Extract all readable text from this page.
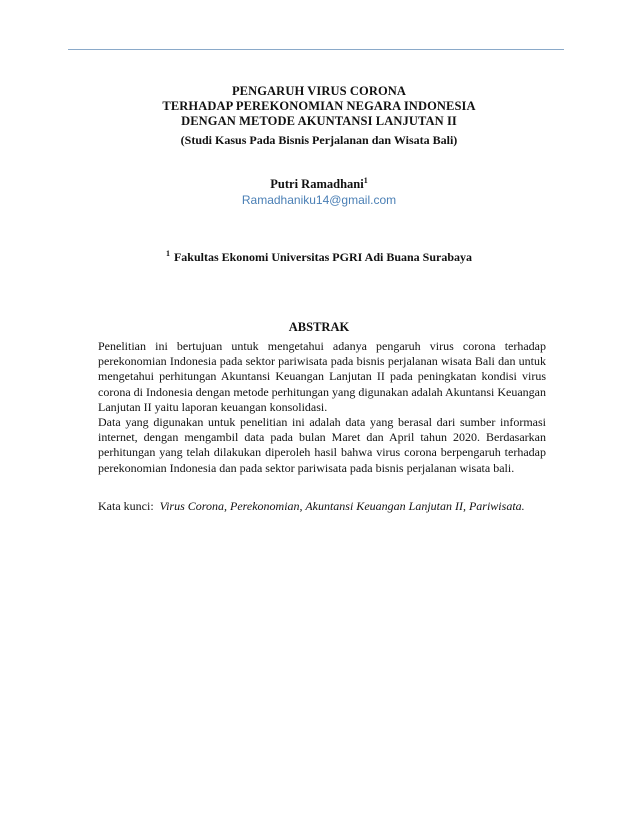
PENGARUH VIRUS CORONA
TERHADAP PEREKONOMIAN NEGARA INDONESIA
DENGAN METODE AKUNTANSI LANJUTAN II
(Studi Kasus Pada Bisnis Perjalanan dan Wisata Bali)
Putri Ramadhani$^1$
Ramadhaniku14@gmail.com
$^1$ Fakultas Ekonomi Universitas PGRI Adi Buana Surabaya
ABSTRAK

Penelitian ini bertujuan untuk mengetahui adanya pengaruh virus corona terhadap perekonomian Indonesia pada sektor pariwisata pada bisnis perjalanan wisata Bali dan untuk mengetahui perhitungan Akuntansi Keuangan Lanjutan II pada peningkatan kondisi virus corona di Indonesia dengan metode perhitungan yang digunakan adalah Akuntansi Keuangan Lanjutan II yaitu laporan keuangan konsolidasi.

Data yang digunakan untuk penelitian ini adalah data yang berasal dari sumber informasi internet, dengan mengambil data pada bulan Maret dan April tahun 2020. Berdasarkan perhitungan yang telah dilakukan diperoleh hasil bahwa virus corona berpengaruh terhadap perekonomian Indonesia dan pada sektor pariwisata pada bisnis perjalanan wisata bali.

Kata kunci: Virus Corona, Perekonomian, Akuntansi Keuangan Lanjutan II, Pariwisata.
